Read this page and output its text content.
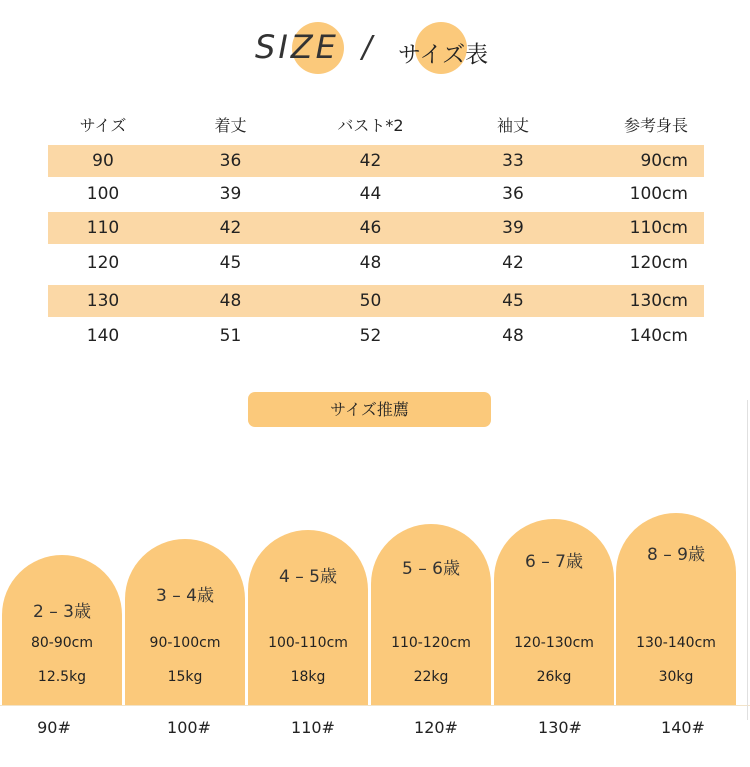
SIZE / サイズ表
サイズ	着丈	バスト*2	袖丈	参考身長
90	36	42	33	90cm
100	39	44	36	100cm
110	42	46	39	110cm
120	45	48	42	120cm
130	48	50	45	130cm
140	51	52	48	140cm
サイズ推薦
2 – 3歳
80-90cm
12.5kg
3 – 4歳
90-100cm
15kg
4 – 5歳
100-110cm
18kg
5 – 6歳
110-120cm
22kg
6 – 7歳
120-130cm
26kg
8 – 9歳
130-140cm
30kg
90#	100#	110#	120#	130#	140#
